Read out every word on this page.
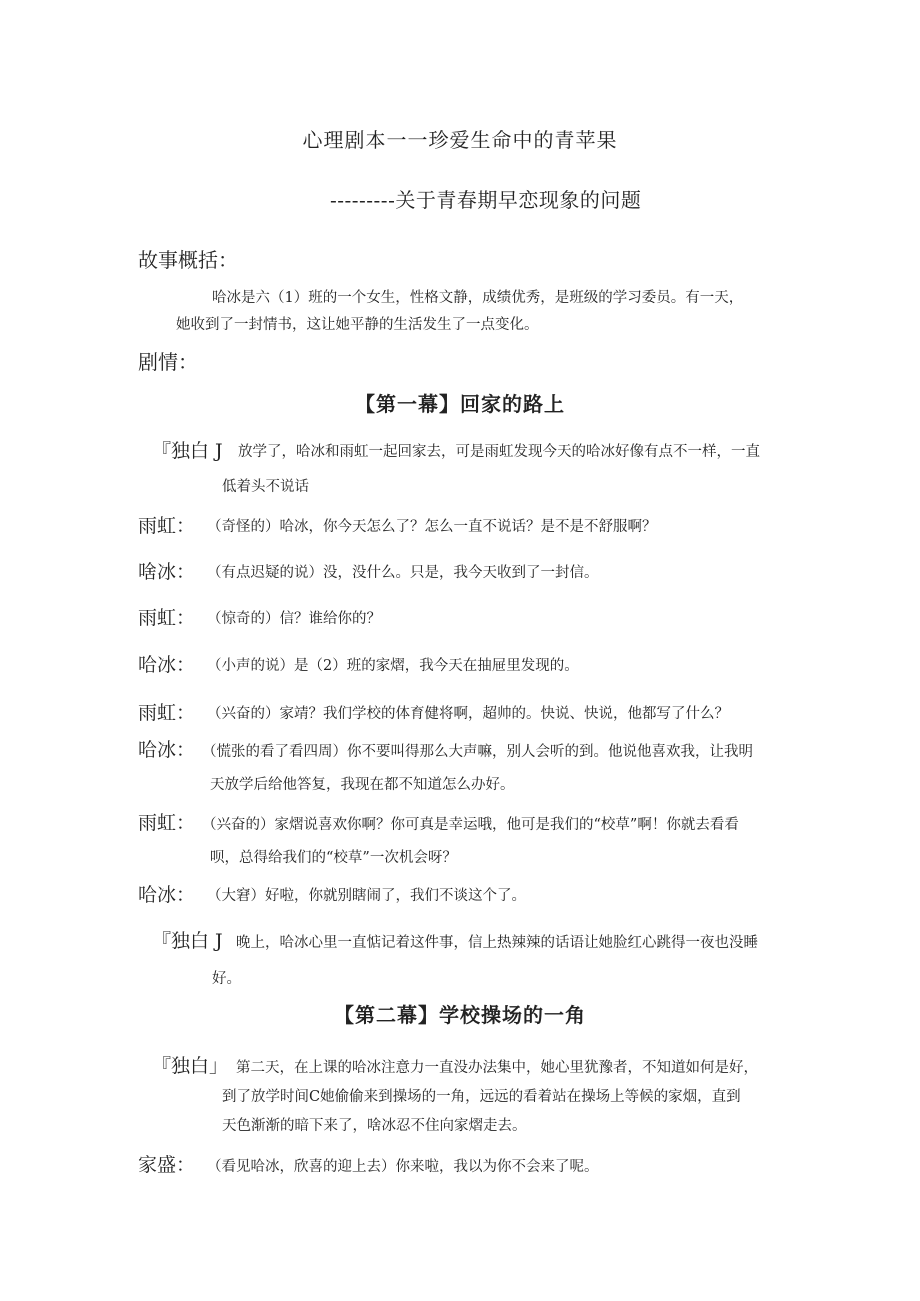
心理剧本一一珍爱生命中的青苹果
---------关于青春期早恋现象的问题
故事概括：
哈冰是六（1）班的一个女生，性格文静，成绩优秀，是班级的学习委员。有一天，
她收到了一封情书，这让她平静的生活发生了一点变化。
剧情：
【第一幕】回家的路上
『独白 J 放学了，哈冰和雨虹一起回家去，可是雨虹发现今天的哈冰好像有点不一样，一直
低着头不说话
雨虹： （奇怪的）哈冰，你今天怎么了？怎么一直不说话？是不是不舒服啊？
啥冰： （有点迟疑的说）没，没什么。只是，我今天收到了一封信。
雨虹： （惊奇的）信？谁给你的？
哈冰： （小声的说）是（2）班的家熠，我今天在抽屉里发现的。
雨虹： （兴奋的）家靖？我们学校的体育健将啊，超帅的。快说、快说，他都写了什么？
哈冰： （慌张的看了看四周）你不要叫得那么大声嘛，别人会听的到。他说他喜欢我，让我明
天放学后给他答复，我现在都不知道怎么办好。
雨虹： （兴奋的）家熠说喜欢你啊？你可真是幸运哦，他可是我们的“校草”啊！你就去看看
呗，总得给我们的“校草”一次机会呀？
哈冰： （大窘）好啦，你就别瞎闹了，我们不谈这个了。
『独白 J 晚上，哈冰心里一直惦记着这件事，信上热辣辣的话语让她脸红心跳得一夜也没睡
好。
【第二幕】学校操场的一角
『独白」 第二天，在上课的哈冰注意力一直没办法集中，她心里犹豫者，不知道如何是好，
到了放学时间C她偷偷来到操场的一角，远远的看着站在操场上等候的家烟，直到
天色渐渐的暗下来了，啥冰忍不住向家熠走去。
家盛： （看见哈冰，欣喜的迎上去）你来啦，我以为你不会来了呢。
